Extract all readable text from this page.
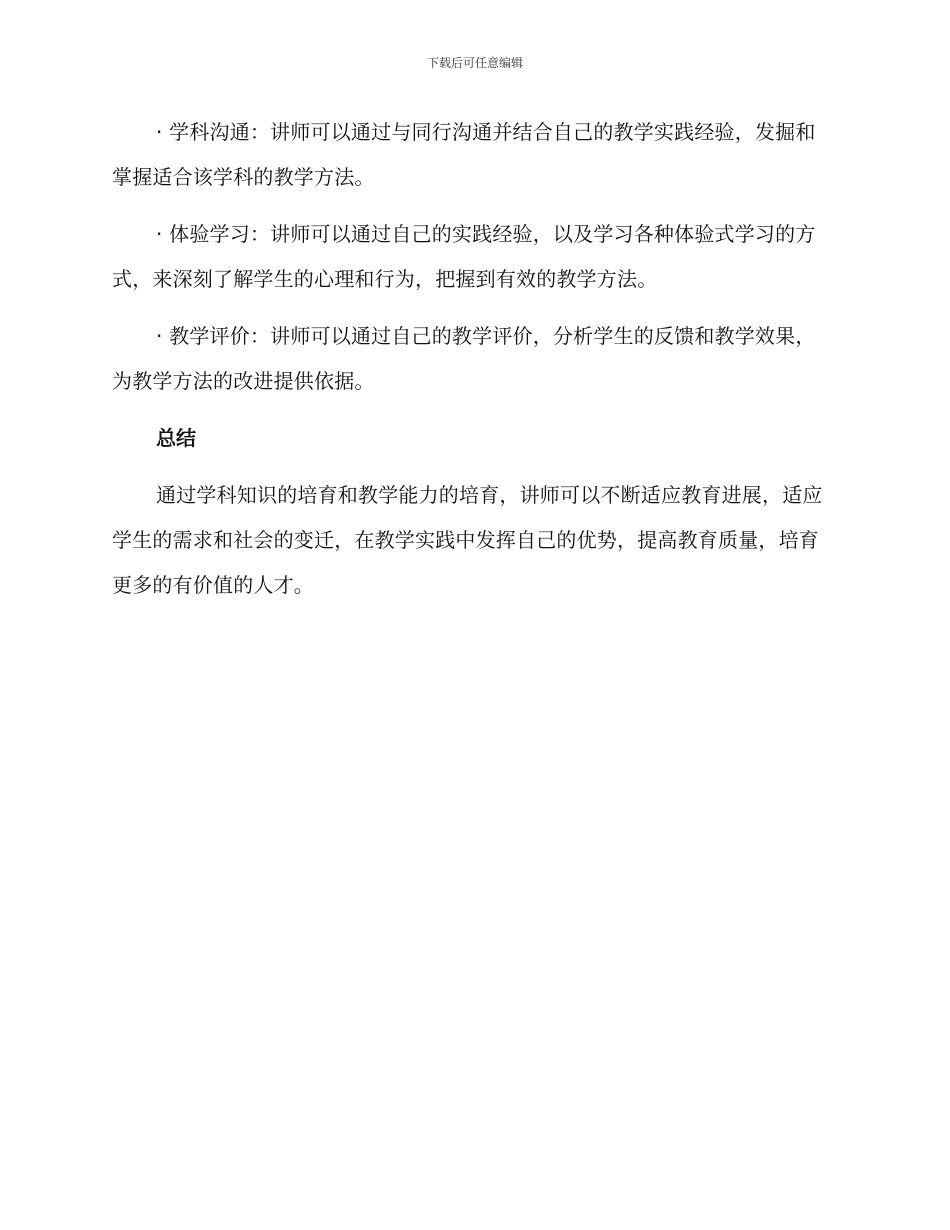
下载后可任意编辑

· 学科沟通：讲师可以通过与同行沟通并结合自己的教学实践经验，发掘和掌握适合该学科的教学方法。

· 体验学习：讲师可以通过自己的实践经验，以及学习各种体验式学习的方式，来深刻了解学生的心理和行为，把握到有效的教学方法。

· 教学评价：讲师可以通过自己的教学评价，分析学生的反馈和教学效果，为教学方法的改进提供依据。

总结

通过学科知识的培育和教学能力的培育，讲师可以不断适应教育进展，适应学生的需求和社会的变迁，在教学实践中发挥自己的优势，提高教育质量，培育更多的有价值的人才。
